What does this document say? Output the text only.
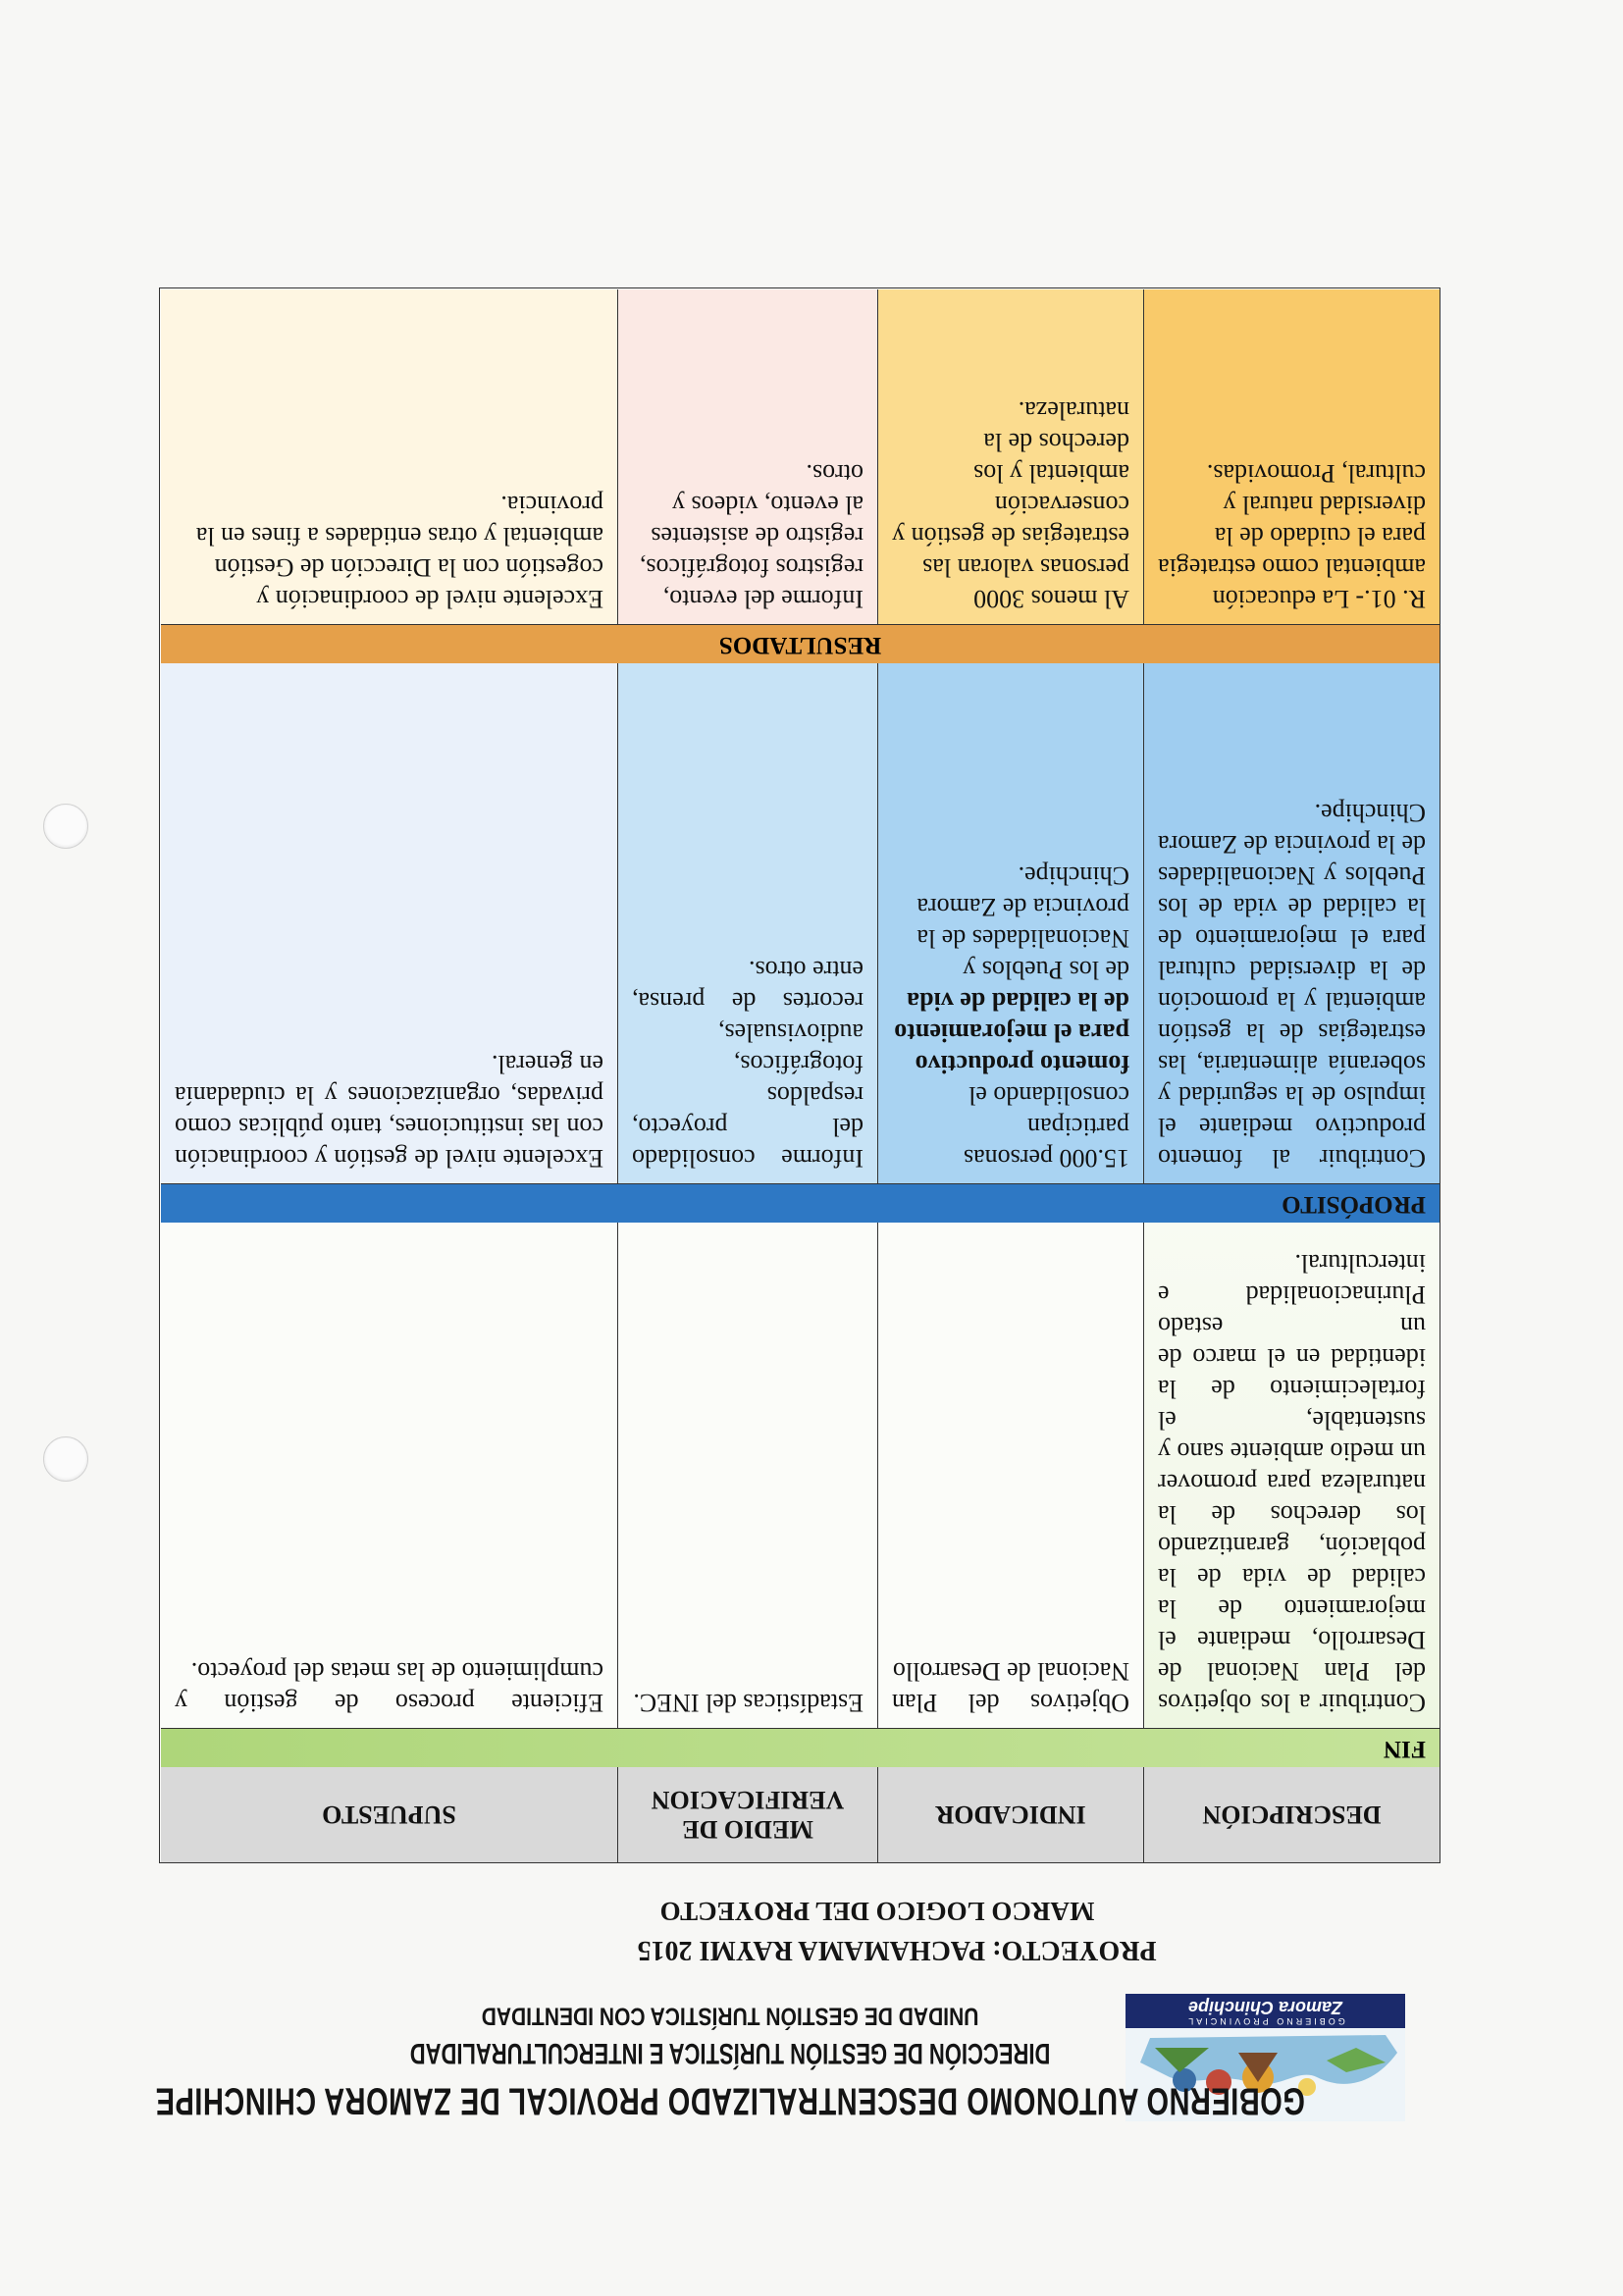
GOBIERNO PROVINCIAL
Zamora Chinchipe
GOBIERNO AUTONOMO DESCENTRALIZADO PROVICAL DE ZAMORA CHINCHIPE
DIRECCIÓN DE GESTIÓN TURÍSTICA E INTERCULTURALIDAD
UNIDAD DE GESTIÓN TURÍSTICA CON IDENTIDAD
PROYECTO: PACHAMAMA RAYMI 2015
MARCO LOGICO DEL PROYECTO
DESCRIPCIÓN
INDICADOR
MEDIO DE VERIFICACION
SUPUESTO
FIN
Contribuir a los objetivos del Plan Nacional de Desarrollo, mediante el mejoramiento de la calidad de vida de la población, garantizando los derechos de la naturaleza para promover un medio ambiente sano y sustentable, el fortalecimiento de la identidad en el marco de un estado Plurinacionalidad e intercultural.
Objetivos del Plan Nacional de Desarrollo
Estadísticas del INEC.
Eficiente proceso de gestión y cumplimiento de las metas del proyecto.
PROPÓSITO
Contribuir al fomento productivo mediante el impulso de la seguridad y soberanía alimentaria, las estrategias de la gestión ambiental y la promoción de la diversidad cultural para el mejoramiento de la calidad de vida de los Pueblos y Nacionalidades de la provincia de Zamora Chinchipe.
15.000 personas participan consolidando el fomento productivo para el mejoramiento de la calidad de vida de los Pueblos y Nacionalidades de la provincia de Zamora Chinchipe.
Informe consolidado del proyecto, respaldos fotográficos, audiovisuales, recortes de prensa, entre otros.
Excelente nivel de gestión y coordinación con las instituciones, tanto públicas como privadas, organizaciones y la ciudadanía en general.
RESULTADOS
R. 01.- La educación ambiental como estrategia para el cuidado de la diversidad natural y cultural, Promovidas.
Al menos 3000 personas valoran las estrategias de gestión y conservación ambiental y los derechos de la naturaleza.
Informe del evento, registros fotográficos, registro de asistentes al evento, videos y otros.
Excelente nivel de coordinación y cogestión con la Dirección de Gestión ambiental y otras entidades a fines en la provincia.
